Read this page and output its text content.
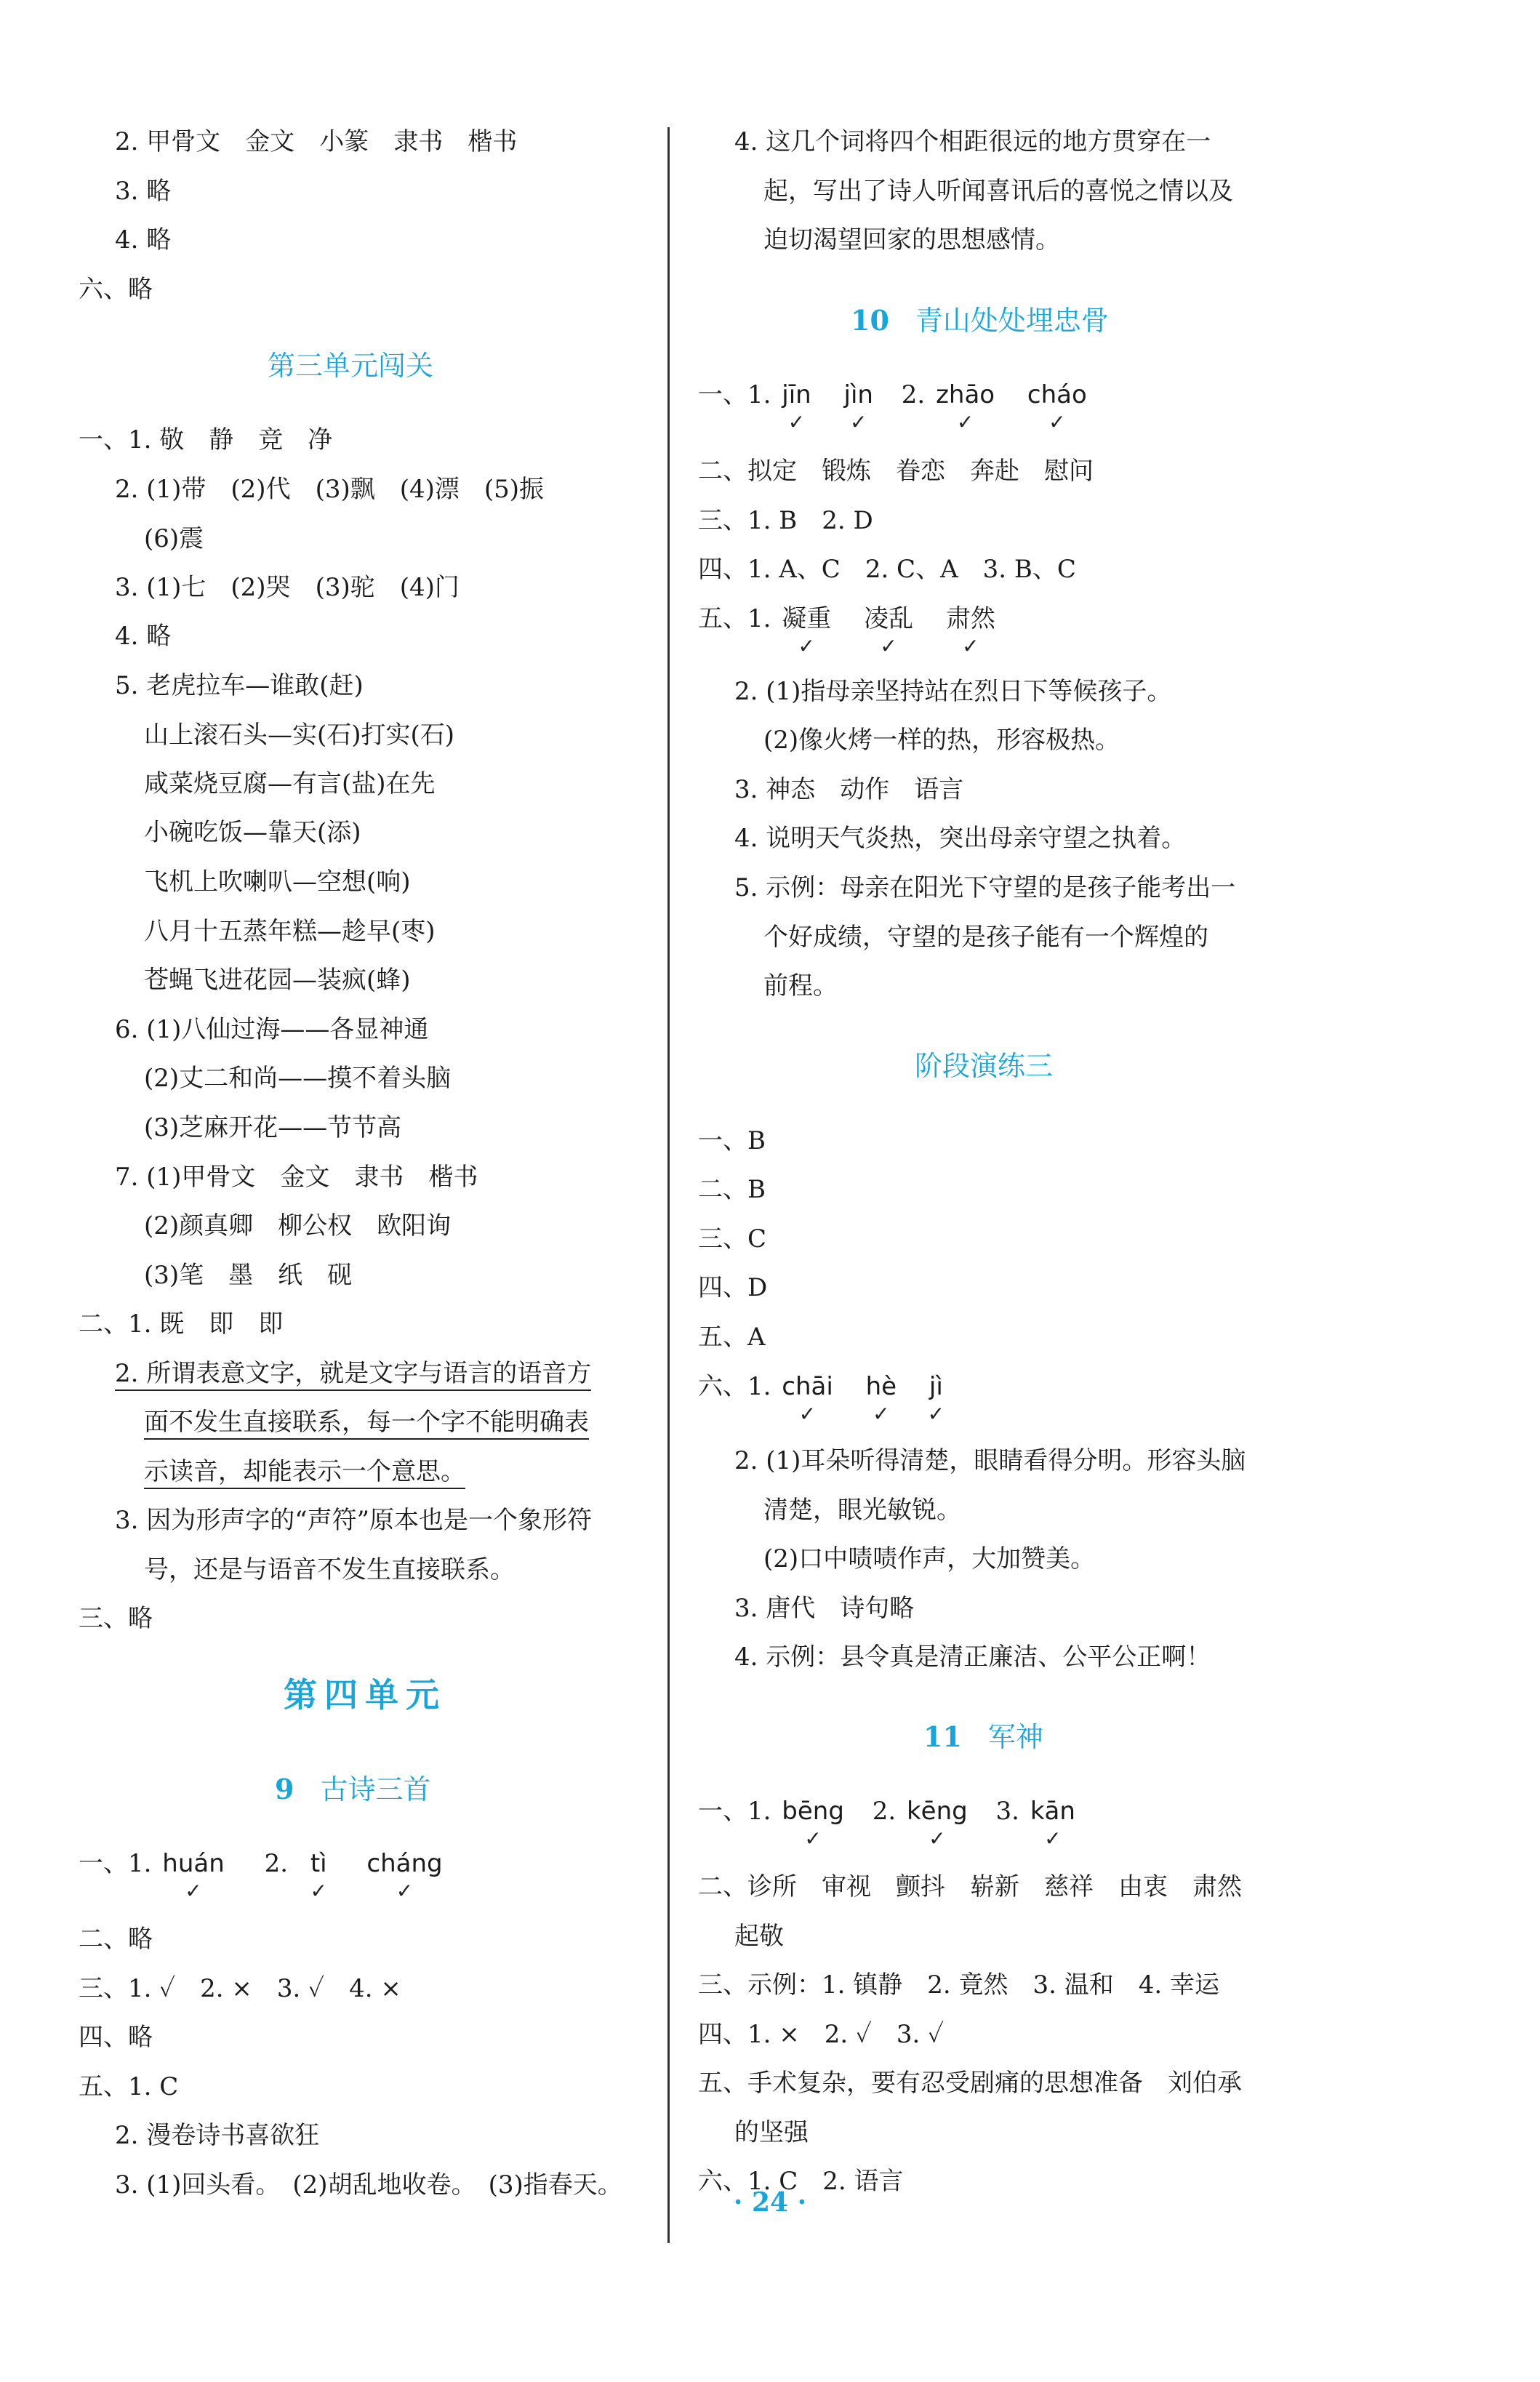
2. 甲骨文　金文　小篆　隶书　楷书
3. 略
4. 略
六、略
第三单元闯关
一、1. 敬　静　竞　净
2. (1)带　(2)代　(3)飘　(4)漂　(5)振
(6)震
3. (1)七　(2)哭　(3)驼　(4)门
4. 略
5. 老虎拉车—谁敢(赶)
山上滚石头—实(石)打实(石)
咸菜烧豆腐—有言(盐)在先
小碗吃饭—靠天(添)
飞机上吹喇叭—空想(响)
八月十五蒸年糕—趁早(枣)
苍蝇飞进花园—装疯(蜂)
6. (1)八仙过海——各显神通
(2)丈二和尚——摸不着头脑
(3)芝麻开花——节节高
7. (1)甲骨文　金文　隶书　楷书
(2)颜真卿　柳公权　欧阳询
(3)笔　墨　纸　砚
二、1. 既　即　即
2. 所谓表意文字，就是文字与语言的语音方
面不发生直接联系，每一个字不能明确表
示读音，却能表示一个意思。
3. 因为形声字的“声符”原本也是一个象形符
号，还是与语音不发生直接联系。
三、略
第四单元
9 古诗三首
一、1. huán ✓ 2. tì ✓ cháng ✓
二、略
三、1. ✓　2. ×　3. ✓　4. ×
四、略
五、1. C
2. 漫卷诗书喜欲狂
3. (1)回头看。　(2)胡乱地收卷。　(3)指春天。
4. 这几个词将四个相距很远的地方贯穿在一
起，写出了诗人听闻喜讯后的喜悦之情以及
迫切渴望回家的思想感情。
10 青山处处埋忠骨
一、1. jīn ✓ jìn ✓ 2. zhāo ✓ cháo ✓
二、拟定　锻炼　眷恋　奔赴　慰问
三、1. B　2. D
四、1. A、C　2. C、A　3. B、C
五、1. 凝重 ✓ 凌乱 ✓ 肃然 ✓
2. (1)指母亲坚持站在烈日下等候孩子。
(2)像火烤一样的热，形容极热。
3. 神态　动作　语言
4. 说明天气炎热，突出母亲守望之执着。
5. 示例：母亲在阳光下守望的是孩子能考出一
个好成绩，守望的是孩子能有一个辉煌的
前程。
阶段演练三
一、B
二、B
三、C
四、D
五、A
六、1. chāi ✓ hè ✓ jì ✓
2. (1)耳朵听得清楚，眼睛看得分明。形容头脑
清楚，眼光敏锐。
(2)口中啧啧作声，大加赞美。
3. 唐代　诗句略
4. 示例：县令真是清正廉洁、公平公正啊！
11 军神
一、1. bēng ✓ 2. kēng ✓ 3. kān ✓
二、诊所　审视　颤抖　崭新　慈祥　由衷　肃然
起敬
三、示例：1. 镇静　2. 竟然　3. 温和　4. 幸运
四、1. ×　2. ✓　3. ✓
五、手术复杂，要有忍受剧痛的思想准备　刘伯承
的坚强
六、1. C　2. 语言
· 24 ·
